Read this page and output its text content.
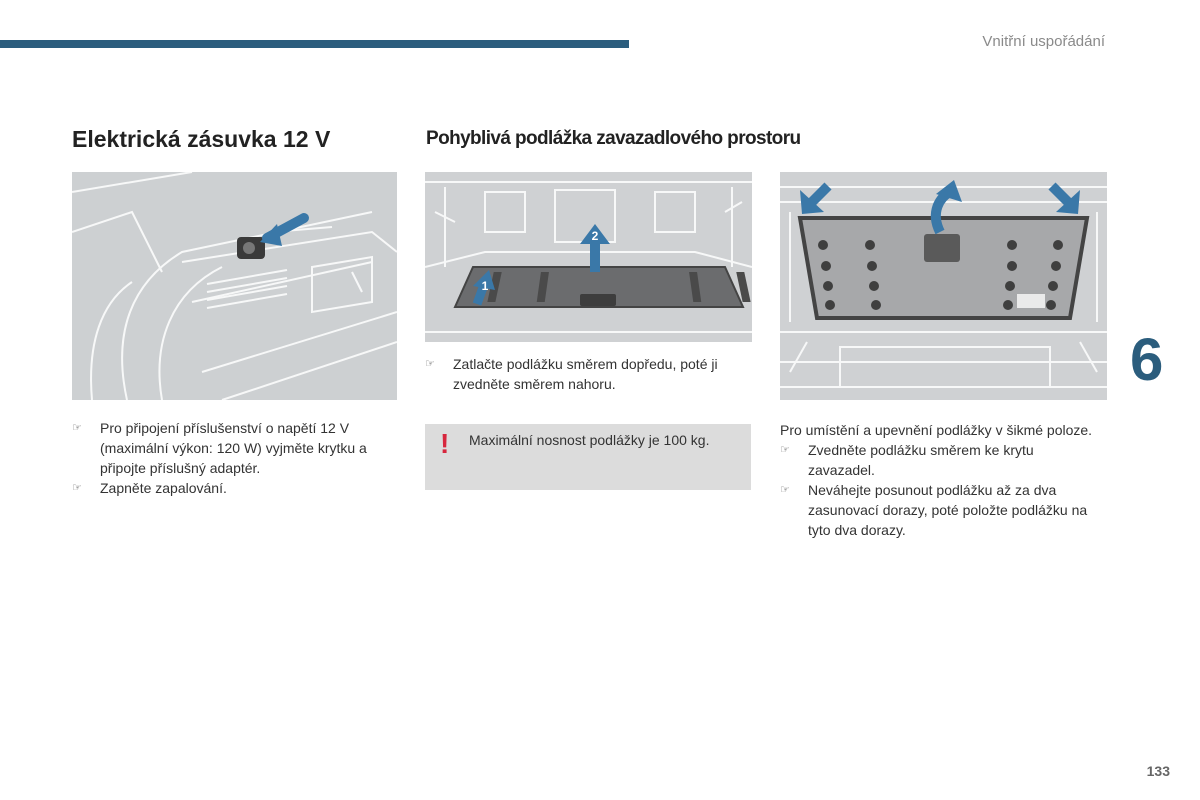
Vnitřní uspořádání
6
133
Elektrická zásuvka 12 V
☞ Pro připojení příslušenství o napětí 12 V (maximální výkon: 120 W) vyjměte krytku a připojte příslušný adaptér.
☞ Zapněte zapalování.
Pohyblivá podlážka zavazadlového prostoru
2
1
☞ Zatlačte podlážku směrem dopředu, poté ji zvedněte směrem nahoru.
! Maximální nosnost podlážky je 100 kg.
Pro umístění a upevnění podlážky v šikmé poloze.
☞ Zvedněte podlážku směrem ke krytu zavazadel.
☞ Neváhejte posunout podlážku až za dva zasunovací dorazy, poté položte podlážku na tyto dva dorazy.
